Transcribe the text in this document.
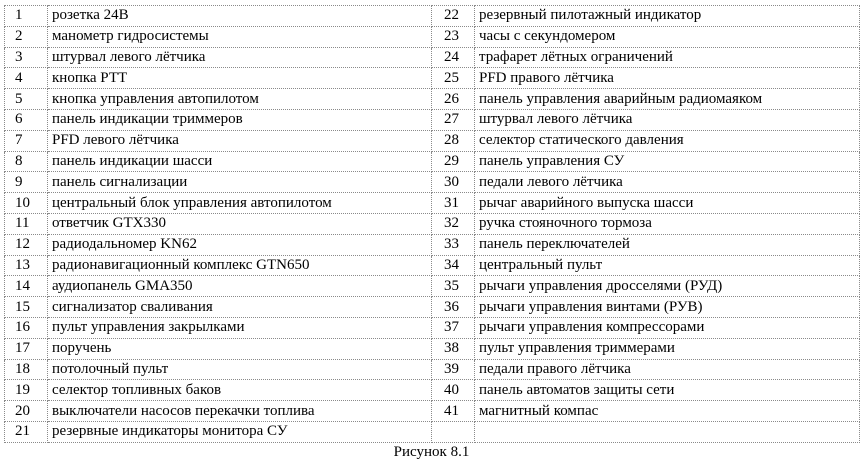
1	розетка 24В	22	резервный пилотажный индикатор
2	манометр гидросистемы	23	часы с секундомером
3	штурвал левого лётчика	24	трафарет лётных ограничений
4	кнопка РТТ	25	PFD правого лётчика
5	кнопка управления автопилотом	26	панель управления аварийным радиомаяком
6	панель индикации триммеров	27	штурвал левого лётчика
7	PFD левого лётчика	28	селектор статического давления
8	панель индикации шасси	29	панель управления СУ
9	панель сигнализации	30	педали левого лётчика
10	центральный блок управления автопилотом	31	рычаг аварийного выпуска шасси
11	ответчик GTX330	32	ручка стояночного тормоза
12	радиодальномер KN62	33	панель переключателей
13	радионавигационный комплекс GTN650	34	центральный пульт
14	аудиопанель GMA350	35	рычаги управления дросселями (РУД)
15	сигнализатор сваливания	36	рычаги управления винтами (РУВ)
16	пульт управления закрылками	37	рычаги управления компрессорами
17	поручень	38	пульт управления триммерами
18	потолочный пульт	39	педали правого лётчика
19	селектор топливных баков	40	панель автоматов защиты сети
20	выключатели насосов перекачки топлива	41	магнитный компас
21	резервные индикаторы монитора СУ		
Рисунок 8.1
